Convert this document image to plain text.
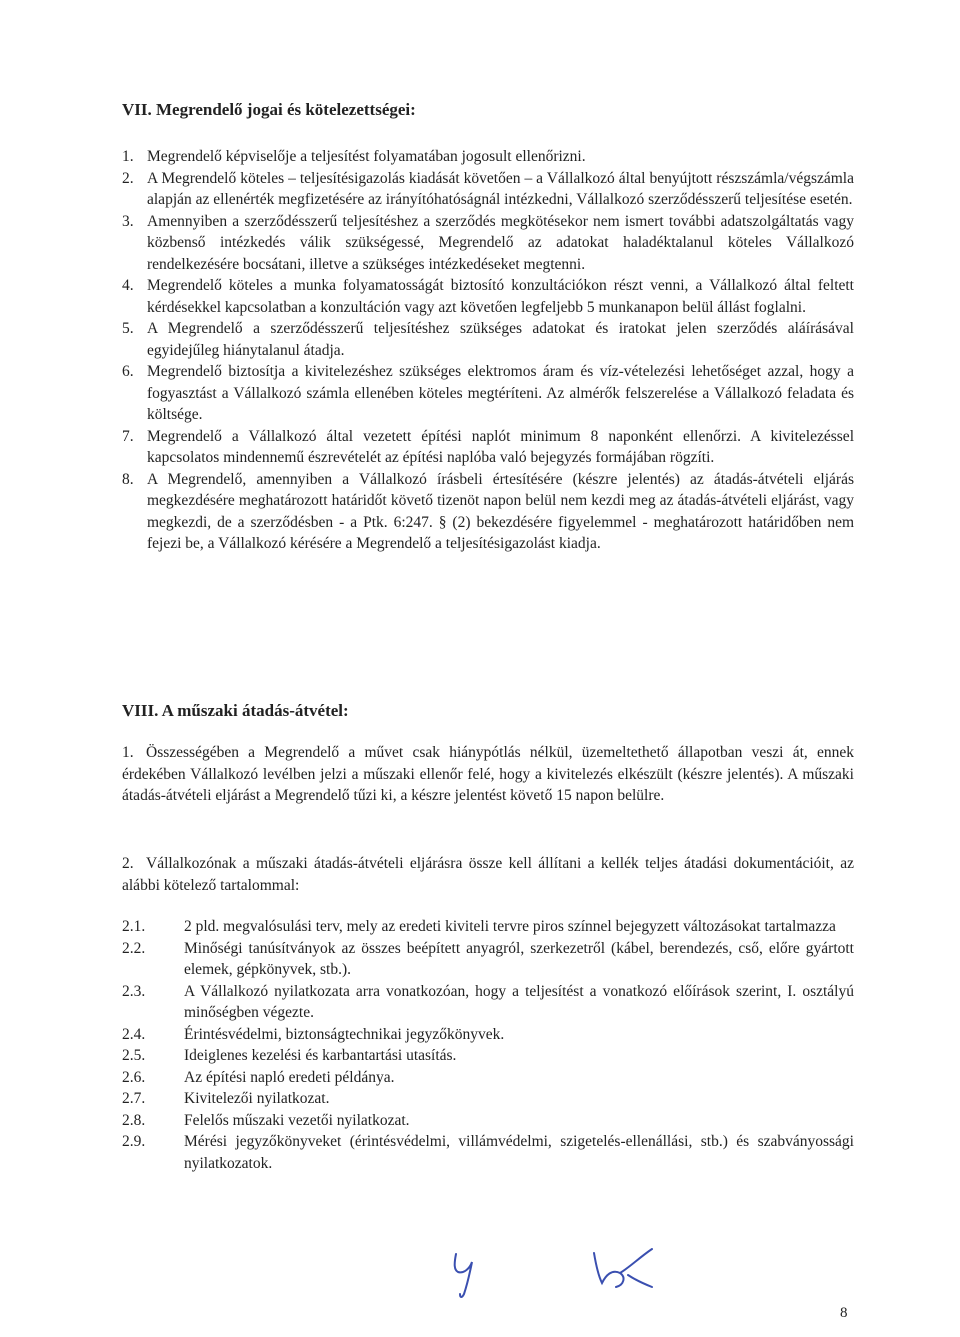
VII. Megrendelő jogai és kötelezettségei:
1. Megrendelő képviselője a teljesítést folyamatában jogosult ellenőrizni.
2. A Megrendelő köteles – teljesítésigazolás kiadását követően – a Vállalkozó által benyújtott részszámla/végszámla alapján az ellenérték megfizetésére az irányítóhatóságnál intézkedni, Vállalkozó szerződésszerű teljesítése esetén.
3. Amennyiben a szerződésszerű teljesítéshez a szerződés megkötésekor nem ismert további adatszolgáltatás vagy közbenső intézkedés válik szükségessé, Megrendelő az adatokat haladéktalanul köteles Vállalkozó rendelkezésére bocsátani, illetve a szükséges intézkedéseket megtenni.
4. Megrendelő köteles a munka folyamatosságát biztosító konzultációkon részt venni, a Vállalkozó által feltett kérdésekkel kapcsolatban a konzultáción vagy azt követően legfeljebb 5 munkanapon belül állást foglalni.
5. A Megrendelő a szerződésszerű teljesítéshez szükséges adatokat és iratokat jelen szerződés aláírásával egyidejűleg hiánytalanul átadja.
6. Megrendelő biztosítja a kivitelezéshez szükséges elektromos áram és víz-vételezési lehetőséget azzal, hogy a fogyasztást a Vállalkozó számla ellenében köteles megtéríteni. Az almérők felszerelése a Vállalkozó feladata és költsége.
7. Megrendelő a Vállalkozó által vezetett építési naplót minimum 8 naponként ellenőrzi. A kivitelezéssel kapcsolatos mindennemű észrevételét az építési naplóba való bejegyzés formájában rögzíti.
8. A Megrendelő, amennyiben a Vállalkozó írásbeli értesítésére (készre jelentés) az átadás-átvételi eljárás megkezdésére meghatározott határidőt követő tizenöt napon belül nem kezdi meg az átadás-átvételi eljárást, vagy megkezdi, de a szerződésben - a Ptk. 6:247. § (2) bekezdésére figyelemmel - meghatározott határidőben nem fejezi be, a Vállalkozó kérésére a Megrendelő a teljesítésigazolást kiadja.
VIII. A műszaki átadás-átvétel:

1. Összességében a Megrendelő a művet csak hiánypótlás nélkül, üzemeltethető állapotban veszi át, ennek érdekében Vállalkozó levélben jelzi a műszaki ellenőr felé, hogy a kivitelezés elkészült (készre jelentés). A műszaki átadás-átvételi eljárást a Megrendelő tűzi ki, a készre jelentést követő 15 napon belülre.

2. Vállalkozónak a műszaki átadás-átvételi eljárásra össze kell állítani a kellék teljes átadási dokumentációit, az alábbi kötelező tartalommal:

2.1.	2 pld. megvalósulási terv, mely az eredeti kiviteli tervre piros színnel bejegyzett változásokat tartalmazza
2.2.	Minőségi tanúsítványok az összes beépített anyagról, szerkezetről (kábel, berendezés, cső, előre gyártott elemek, gépkönyvek, stb.).
2.3.	A Vállalkozó nyilatkozata arra vonatkozóan, hogy a teljesítést a vonatkozó előírások szerint, I. osztályú minőségben végezte.
2.4.	Érintésvédelmi, biztonságtechnikai jegyzőkönyvek.
2.5.	Ideiglenes kezelési és karbantartási utasítás.
2.6.	Az építési napló eredeti példánya.
2.7.	Kivitelezői nyilatkozat.
2.8.	Felelős műszaki vezetői nyilatkozat.
2.9.	Mérési jegyzőkönyveket (érintésvédelmi, villámvédelmi, szigetelés-ellenállási, stb.) és szabványossági nyilatkozatok.
8
